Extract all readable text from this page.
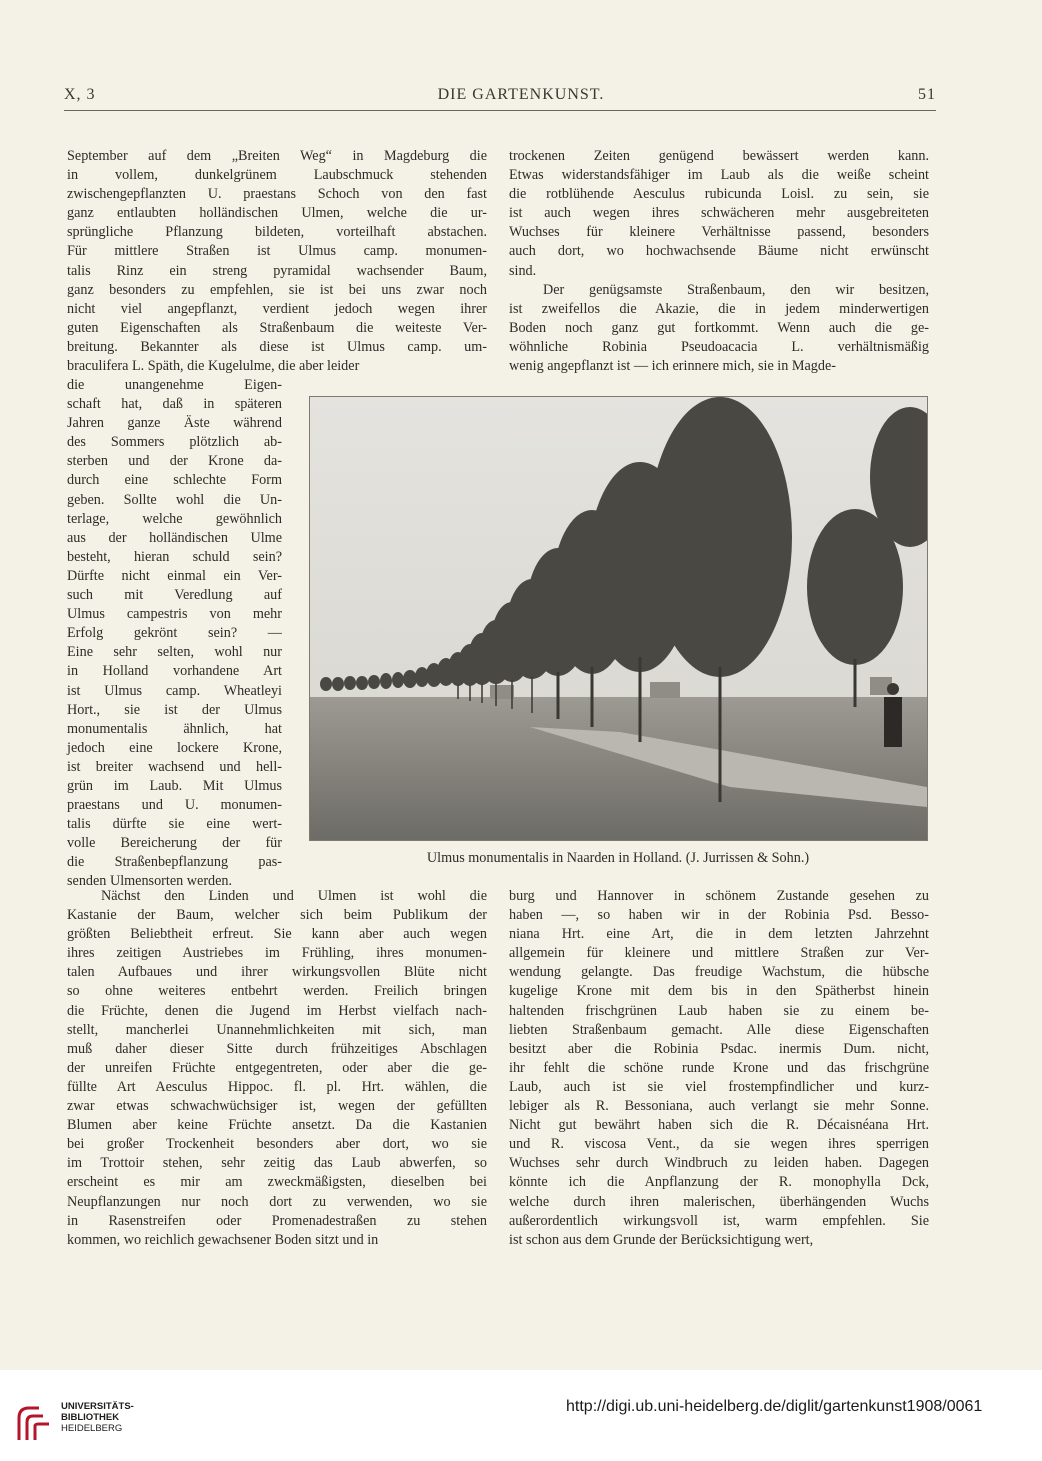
X, 3	DIE GARTENKUNST.	51

September auf dem „Breiten Weg“ in Magdeburg die

in vollem, dunkelgrünem Laubschmuck stehenden

zwischengepflanzten U. praestans Schoch von den fast

ganz entlaubten holländischen Ulmen, welche die ur-

sprüngliche Pflanzung bildeten, vorteilhaft abstachen.

Für mittlere Straßen ist Ulmus camp. monumen-

talis Rinz ein streng pyramidal wachsender Baum,

ganz besonders zu empfehlen, sie ist bei uns zwar noch

nicht viel angepflanzt, verdient jedoch wegen ihrer

guten Eigenschaften als Straßenbaum die weiteste Ver-

breitung. Bekannter als diese ist Ulmus camp. um-

braculifera L. Späth, die Kugelulme, die aber leider

die unangenehme Eigen-

schaft hat, daß in späteren

Jahren ganze Äste während

des Sommers plötzlich ab-

sterben und der Krone da-

durch eine schlechte Form

geben. Sollte wohl die Un-

terlage, welche gewöhnlich

aus der holländischen Ulme

besteht, hieran schuld sein?

Dürfte nicht einmal ein Ver-

such mit Veredlung auf

Ulmus campestris von mehr

Erfolg gekrönt sein? —

Eine sehr selten, wohl nur

in Holland vorhandene Art

ist Ulmus camp. Wheatleyi

Hort., sie ist der Ulmus

monumentalis ähnlich, hat

jedoch eine lockere Krone,

ist breiter wachsend und hell-

grün im Laub. Mit Ulmus

praestans und U. monumen-

talis dürfte sie eine wert-

volle Bereicherung der für

die Straßenbepflanzung pas-

senden Ulmensorten werden.

Nächst den Linden und Ulmen ist wohl die

Kastanie der Baum, welcher sich beim Publikum der

größten Beliebtheit erfreut. Sie kann aber auch wegen

ihres zeitigen Austriebes im Frühling, ihres monumen-

talen Aufbaues und ihrer wirkungsvollen Blüte nicht

so ohne weiteres entbehrt werden. Freilich bringen

die Früchte, denen die Jugend im Herbst vielfach nach-

stellt, mancherlei Unannehmlichkeiten mit sich, man

muß daher dieser Sitte durch frühzeitiges Abschlagen

der unreifen Früchte entgegentreten, oder aber die ge-

füllte Art Aesculus Hippoc. fl. pl. Hrt. wählen, die

zwar etwas schwachwüchsiger ist, wegen der gefüllten

Blumen aber keine Früchte ansetzt. Da die Kastanien

bei großer Trockenheit besonders aber dort, wo sie

im Trottoir stehen, sehr zeitig das Laub abwerfen, so

erscheint es mir am zweckmäßigsten, dieselben bei

Neupflanzungen nur noch dort zu verwenden, wo sie

in Rasenstreifen oder Promenadestraßen zu stehen

kommen, wo reichlich gewachsener Boden sitzt und in

trockenen Zeiten genügend bewässert werden kann.

Etwas widerstandsfähiger im Laub als die weiße scheint

die rotblühende Aesculus rubicunda Loisl. zu sein, sie

ist auch wegen ihres schwächeren mehr ausgebreiteten

Wuchses für kleinere Verhältnisse passend, besonders

auch dort, wo hochwachsende Bäume nicht erwünscht

sind.

Der genügsamste Straßenbaum, den wir besitzen,

ist zweifellos die Akazie, die in jedem minderwertigen

Boden noch ganz gut fortkommt. Wenn auch die ge-

wöhnliche Robinia Pseudoacacia L. verhältnismäßig

wenig angepflanzt ist — ich erinnere mich, sie in Magde-

burg und Hannover in schönem Zustande gesehen zu

haben —, so haben wir in der Robinia Psd. Besso-

niana Hrt. eine Art, die in dem letzten Jahrzehnt

allgemein für kleinere und mittlere Straßen zur Ver-

wendung gelangte. Das freudige Wachstum, die hübsche

kugelige Krone mit dem bis in den Spätherbst hinein

haltenden frischgrünen Laub haben sie zu einem be-

liebten Straßenbaum gemacht. Alle diese Eigenschaften

besitzt aber die Robinia Psdac. inermis Dum. nicht,

ihr fehlt die schöne runde Krone und das frischgrüne

Laub, auch ist sie viel frostempfindlicher und kurz-

lebiger als R. Bessoniana, auch verlangt sie mehr Sonne.

Nicht gut bewährt haben sich die R. Décaisnéana Hrt.

und R. viscosa Vent., da sie wegen ihres sperrigen

Wuchses sehr durch Windbruch zu leiden haben. Dagegen

könnte ich die Anpflanzung der R. monophylla Dck,

welche durch ihren malerischen, überhängenden Wuchs

außerordentlich wirkungsvoll ist, warm empfehlen. Sie

ist schon aus dem Grunde der Berücksichtigung wert,

Ulmus monumentalis in Naarden in Holland. (J. Jurrissen & Sohn.)
UNIVERSITÄTS-
BIBLIOTHEK
HEIDELBERG
http://digi.ub.uni-heidelberg.de/diglit/gartenkunst1908/0061
